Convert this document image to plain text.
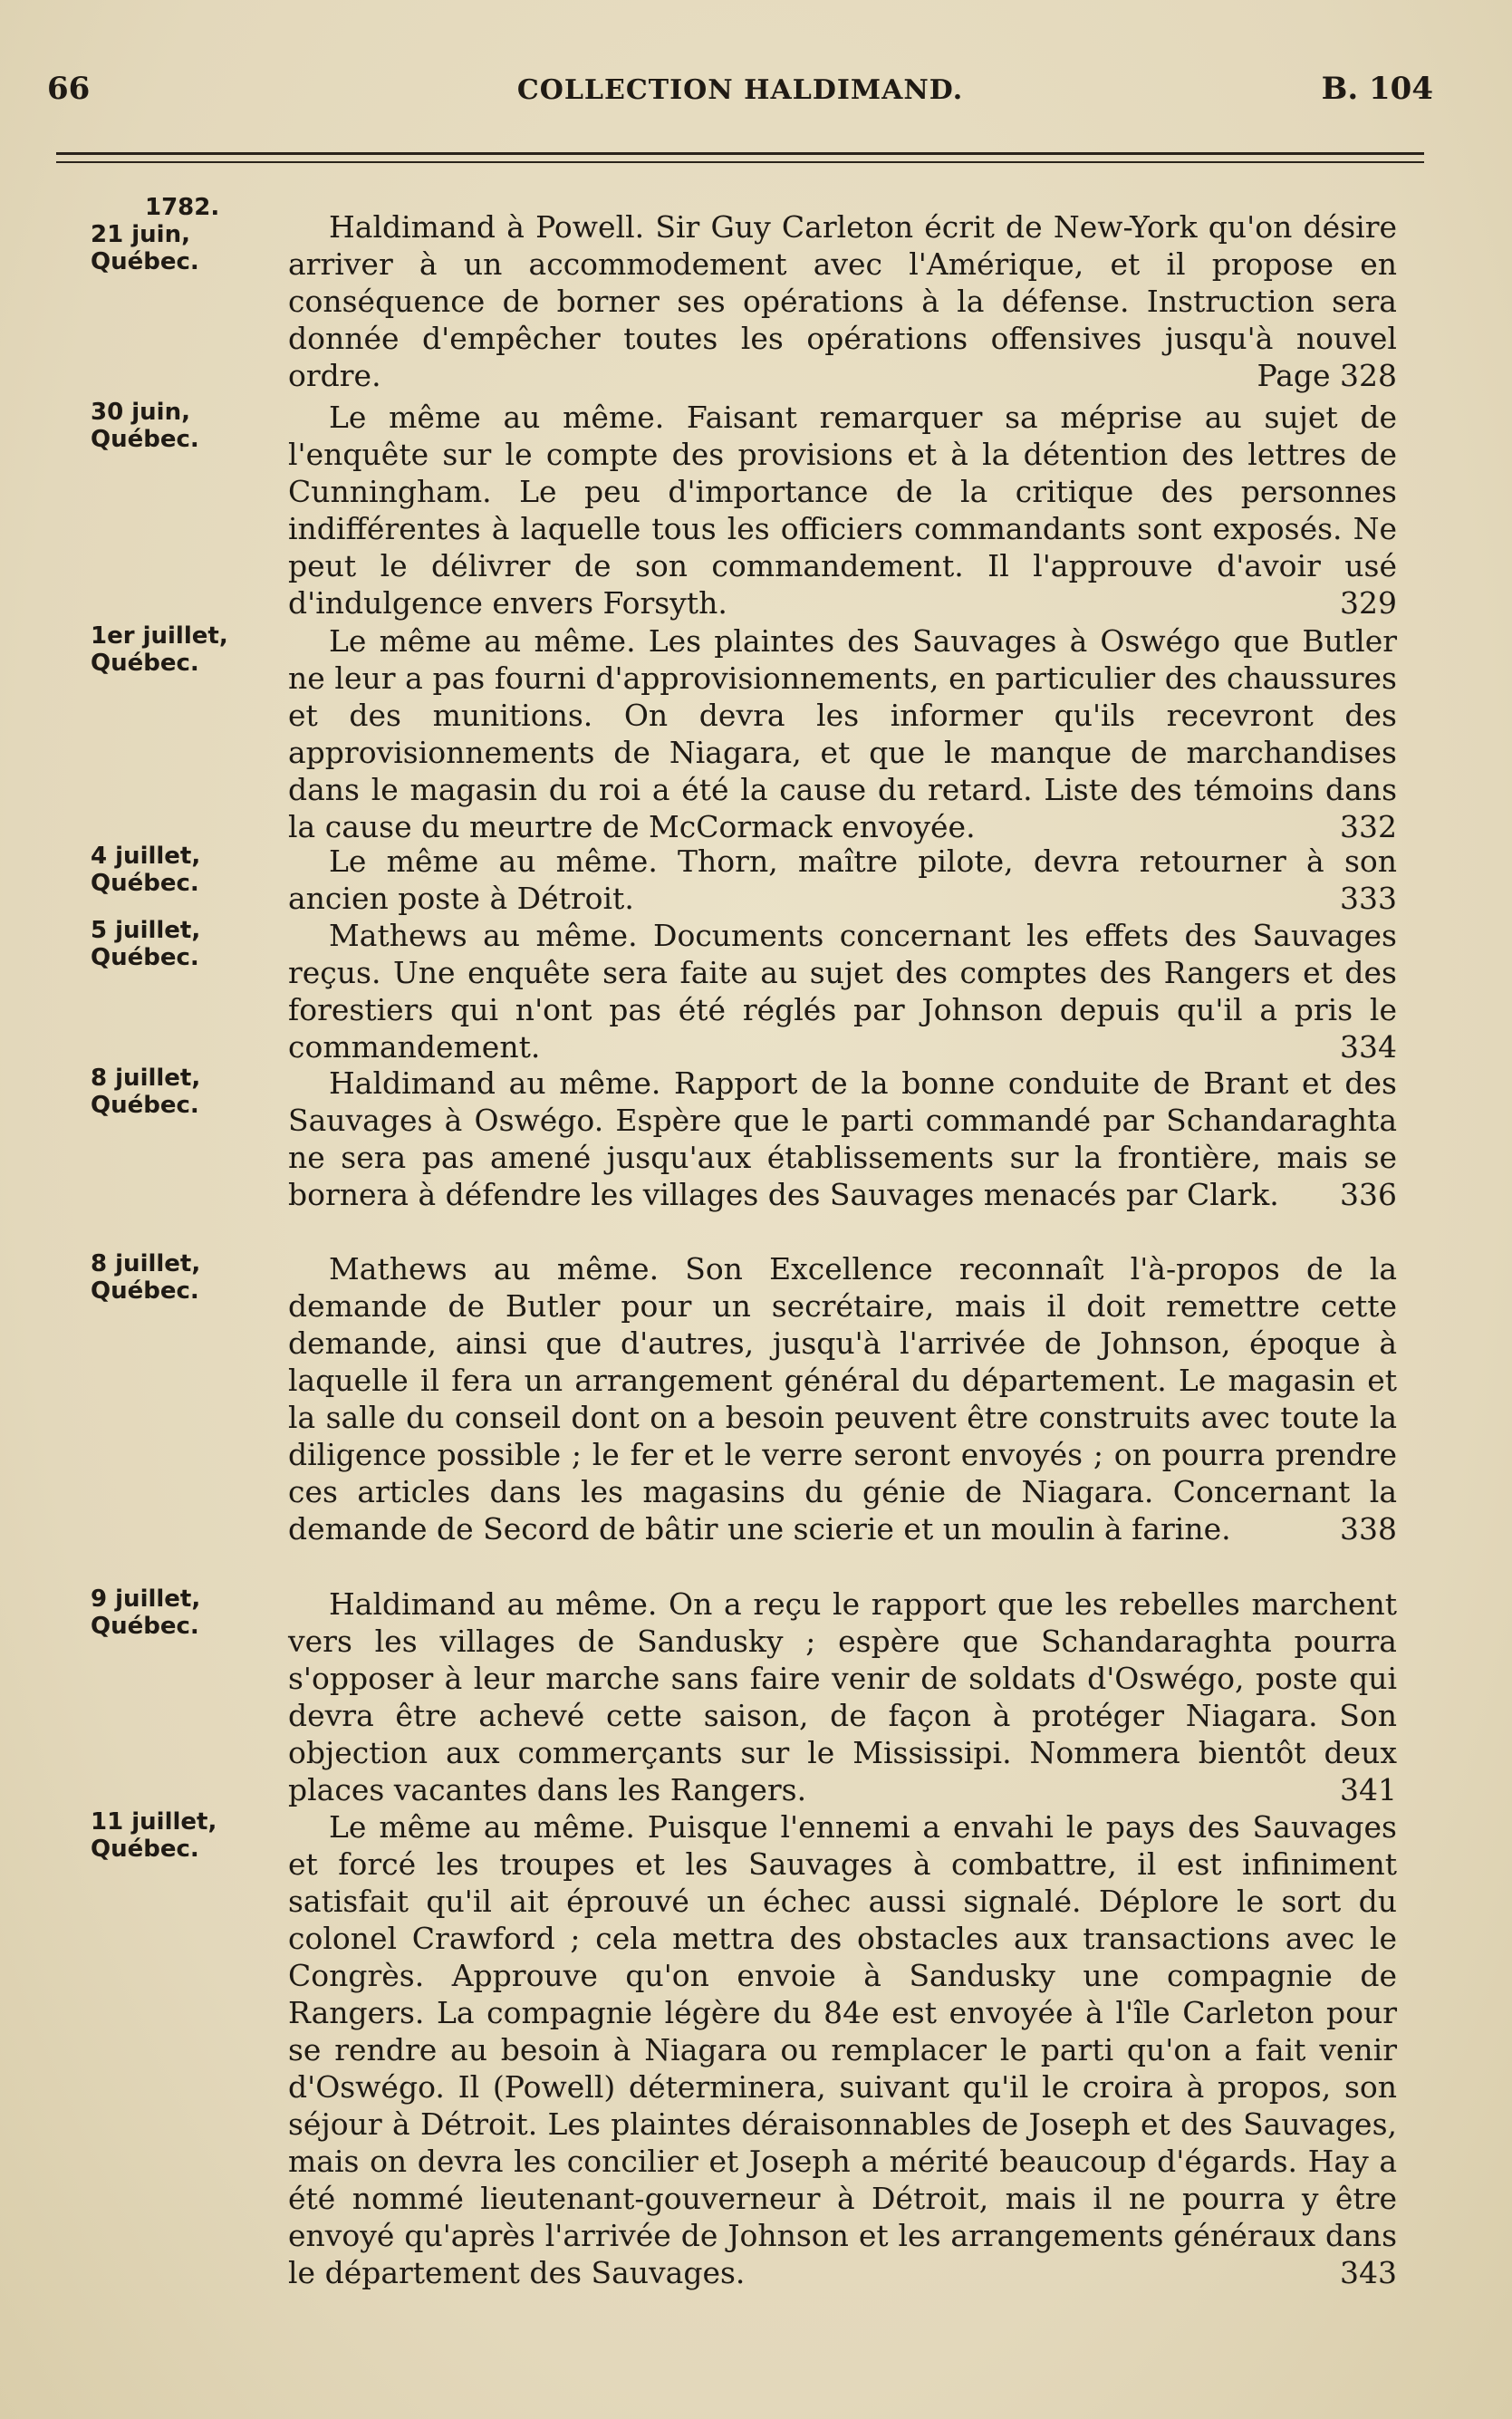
66	COLLECTION HALDIMAND.	B. 104
1782.
21 juin,
Québec.
Haldimand à Powell. Sir Guy Carleton écrit de New-York qu'on désire arriver à un accommodement avec l'Amérique, et il propose en conséquence de borner ses opérations à la défense. Instruction sera donnée d'empêcher toutes les opérations offensives jusqu'à nouvel ordre.	Page 328
30 juin,
Québec.
Le même au même. Faisant remarquer sa méprise au sujet de l'enquête sur le compte des provisions et à la détention des lettres de Cunningham. Le peu d'importance de la critique des personnes indifférentes à laquelle tous les officiers commandants sont exposés. Ne peut le délivrer de son commandement. Il l'approuve d'avoir usé d'indulgence envers Forsyth.	329
1er juillet,
Québec.
Le même au même. Les plaintes des Sauvages à Oswégo que Butler ne leur a pas fourni d'approvisionnements, en particulier des chaussures et des munitions. On devra les informer qu'ils recevront des approvisionnements de Niagara, et que le manque de marchandises dans le magasin du roi a été la cause du retard. Liste des témoins dans la cause du meurtre de McCormack envoyée.	332
4 juillet,
Québec.
Le même au même. Thorn, maître pilote, devra retourner à son ancien poste à Détroit.	333
5 juillet,
Québec.
Mathews au même. Documents concernant les effets des Sauvages reçus. Une enquête sera faite au sujet des comptes des Rangers et des forestiers qui n'ont pas été réglés par Johnson depuis qu'il a pris le commandement.	334
8 juillet,
Québec.
Haldimand au même. Rapport de la bonne conduite de Brant et des Sauvages à Oswégo. Espère que le parti commandé par Schandaraghta ne sera pas amené jusqu'aux établissements sur la frontière, mais se bornera à défendre les villages des Sauvages menacés par Clark. 336
8 juillet,
Québec.
Mathews au même. Son Excellence reconnaît l'à-propos de la demande de Butler pour un secrétaire, mais il doit remettre cette demande, ainsi que d'autres, jusqu'à l'arrivée de Johnson, époque à laquelle il fera un arrangement général du département. Le magasin et la salle du conseil dont on a besoin peuvent être construits avec toute la diligence possible ; le fer et le verre seront envoyés ; on pourra prendre ces articles dans les magasins du génie de Niagara. Concernant la demande de Secord de bâtir une scierie et un moulin à farine.	338
9 juillet,
Québec.
Haldimand au même. On a reçu le rapport que les rebelles marchent vers les villages de Sandusky ; espère que Schandaraghta pourra s'opposer à leur marche sans faire venir de soldats d'Oswégo, poste qui devra être achevé cette saison, de façon à protéger Niagara. Son objection aux commerçants sur le Mississipi. Nommera bientôt deux places vacantes dans les Rangers.	341
11 juillet,
Québec.
Le même au même. Puisque l'ennemi a envahi le pays des Sauvages et forcé les troupes et les Sauvages à combattre, il est infiniment satisfait qu'il ait éprouvé un échec aussi signalé. Déplore le sort du colonel Crawford ; cela mettra des obstacles aux transactions avec le Congrès. Approuve qu'on envoie à Sandusky une compagnie de Rangers. La compagnie légère du 84e est envoyée à l'île Carleton pour se rendre au besoin à Niagara ou remplacer le parti qu'on a fait venir d'Oswégo. Il (Powell) déterminera, suivant qu'il le croira à propos, son séjour à Détroit. Les plaintes déraisonnables de Joseph et des Sauvages, mais on devra les concilier et Joseph a mérité beaucoup d'égards. Hay a été nommé lieutenant-gouverneur à Détroit, mais il ne pourra y être envoyé qu'après l'arrivée de Johnson et les arrangements généraux dans le département des Sauvages.	343
